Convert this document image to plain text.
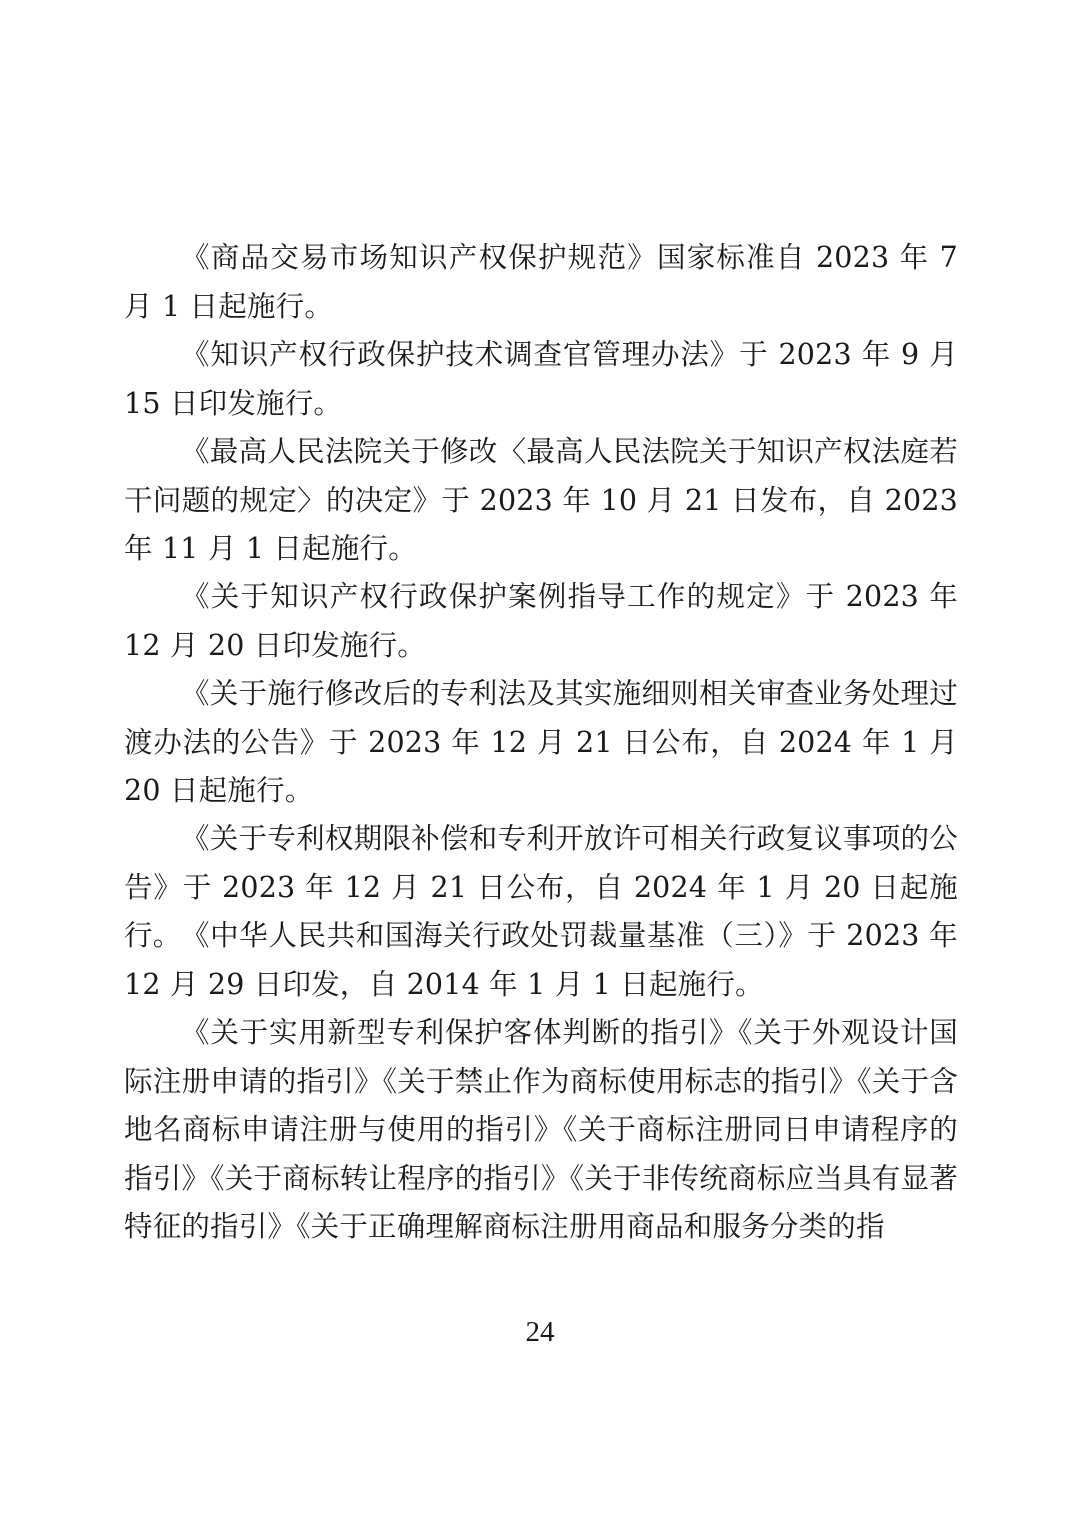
《商品交易市场知识产权保护规范》国家标准自 2023 年 7 月 1 日起施行。

《知识产权行政保护技术调查官管理办法》于 2023 年 9 月 15 日印发施行。

《最高人民法院关于修改〈最高人民法院关于知识产权法庭若干问题的规定〉的决定》于 2023 年 10 月 21 日发布，自 2023 年 11 月 1 日起施行。

《关于知识产权行政保护案例指导工作的规定》于 2023 年 12 月 20 日印发施行。

《关于施行修改后的专利法及其实施细则相关审查业务处理过渡办法的公告》于 2023 年 12 月 21 日公布，自 2024 年 1 月 20 日起施行。

《关于专利权期限补偿和专利开放许可相关行政复议事项的公告》于 2023 年 12 月 21 日公布，自 2024 年 1 月 20 日起施行。 《中华人民共和国海关行政处罚裁量基准（三）》于 2023 年 12 月 29 日印发，自 2014 年 1 月 1 日起施行。

《关于实用新型专利保护客体判断的指引》《关于外观设计国际注册申请的指引》《关于禁止作为商标使用标志的指引》《关于含地名商标申请注册与使用的指引》《关于商标注册同日申请程序的指引》《关于商标转让程序的指引》《关于非传统商标应当具有显著特征的指引》《关于正确理解商标注册用商品和服务分类的指

24
